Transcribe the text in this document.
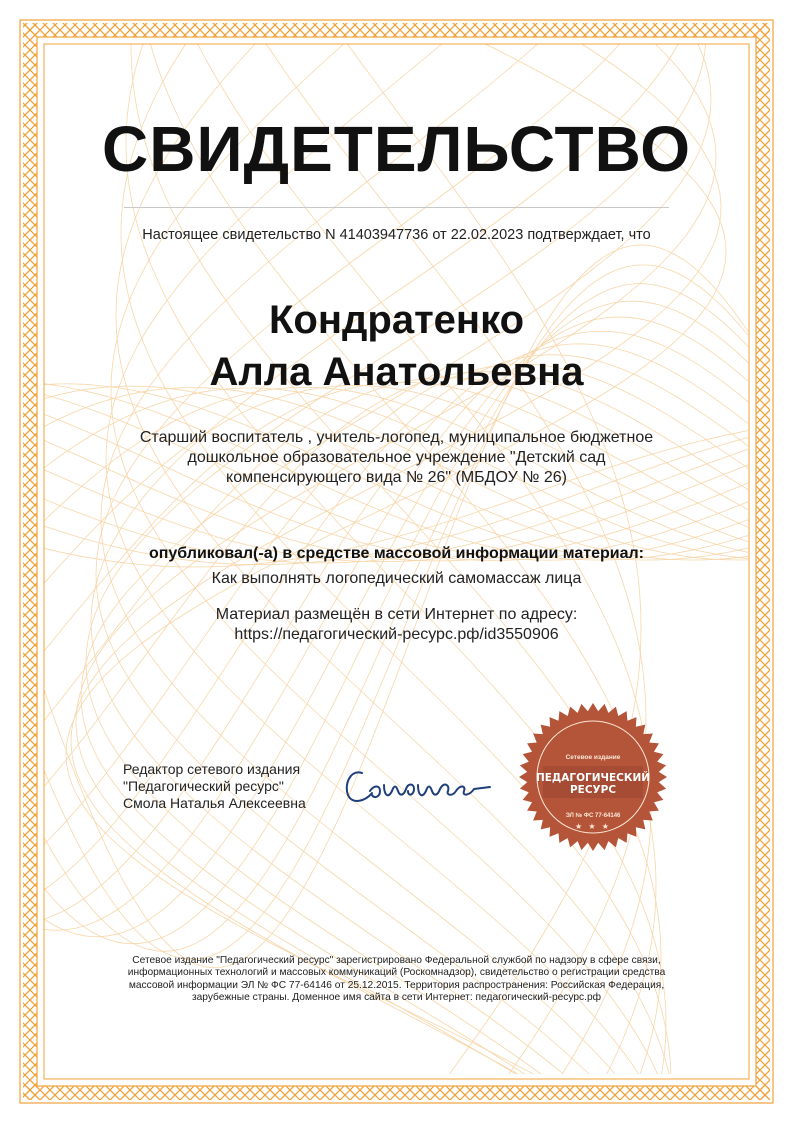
СВИДЕТЕЛЬСТВО
Настоящее свидетельство N 41403947736 от 22.02.2023 подтверждает, что
Кондратенко
Алла Анатольевна
Старший воспитатель , учитель-логопед, муниципальное бюджетное дошкольное образовательное учреждение "Детский сад компенсирующего вида № 26" (МБДОУ № 26)
опубликовал(-а) в средстве массовой информации материал:
Как выполнять логопедический самомассаж лица
Материал размещён в сети Интернет по адресу:
https://педагогический-ресурс.рф/id3550906
Редактор сетевого издания
"Педагогический ресурс"
Смола Наталья Алексеевна
Сетевое издание
ПЕДАГОГИЧЕСКИЙ
РЕСУРС
ЭЛ № ФС 77-64146
★ ★ ★
Сетевое издание "Педагогический ресурс" зарегистрировано Федеральной службой по надзору в сфере связи, информационных технологий и массовых коммуникаций (Роскомнадзор), свидетельство о регистрации средства массовой информации ЭЛ № ФС 77-64146 от 25.12.2015. Территория распространения: Российская Федерация, зарубежные страны. Доменное имя сайта в сети Интернет: педагогический-ресурс.рф
